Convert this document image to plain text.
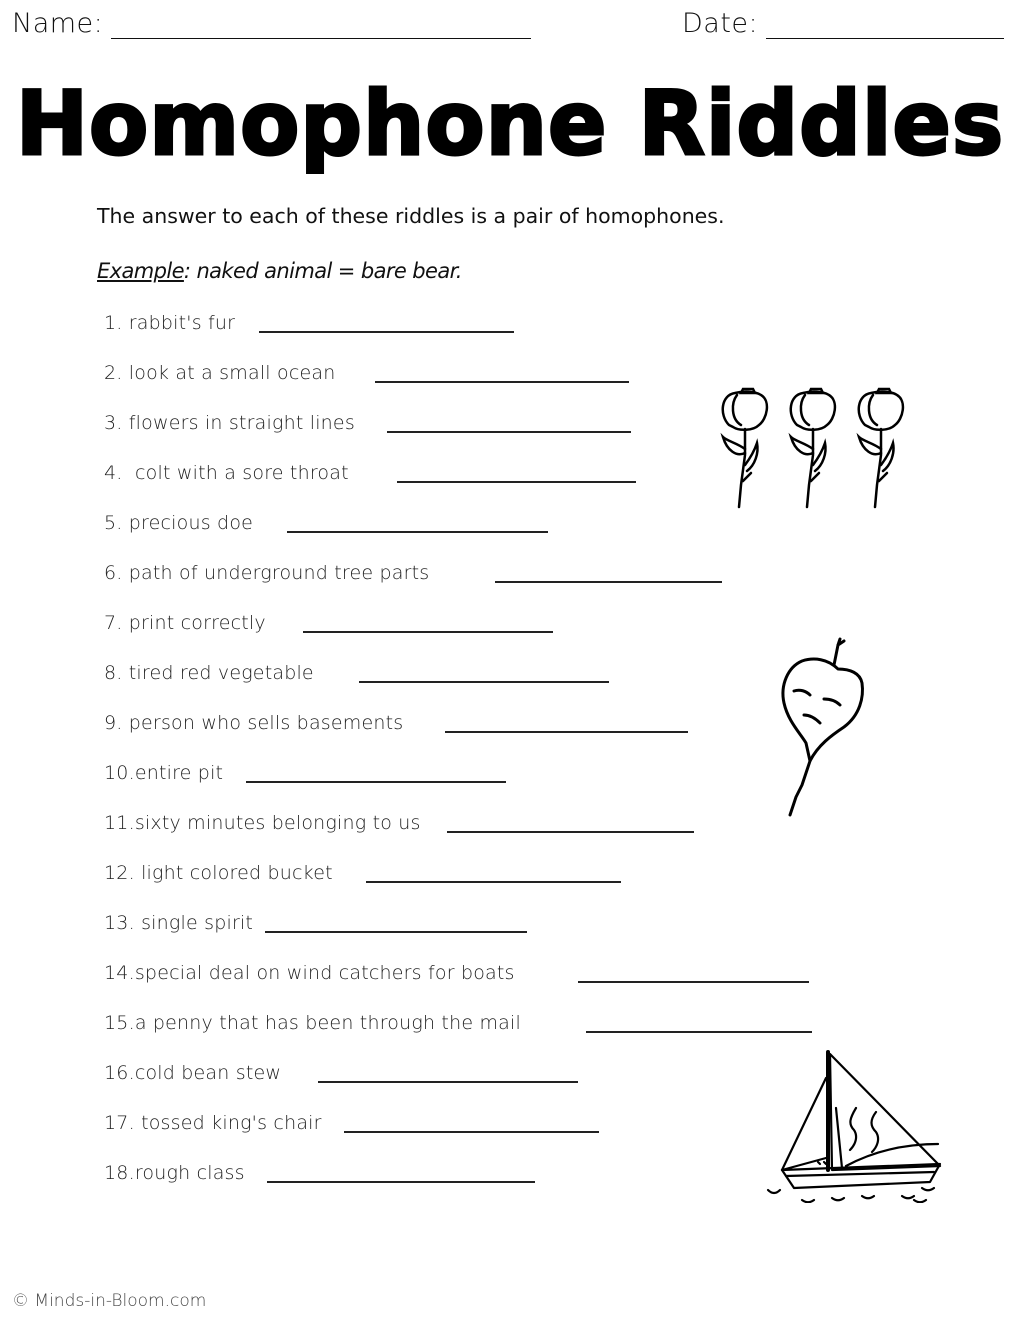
Name:	Date:
Homophone Riddles
The answer to each of these riddles is a pair of homophones.
Example: naked animal = bare bear.
1. rabbit's fur
2. look at a small ocean
3. flowers in straight lines
4. colt with a sore throat
5. precious doe
6. path of underground tree parts
7. print correctly
8. tired red vegetable
9. person who sells basements
10.entire pit
11.sixty minutes belonging to us
12. light colored bucket
13. single spirit
14.special deal on wind catchers for boats
15.a penny that has been through the mail
16.cold bean stew
17. tossed king's chair
18.rough class
© Minds-in-Bloom.com
